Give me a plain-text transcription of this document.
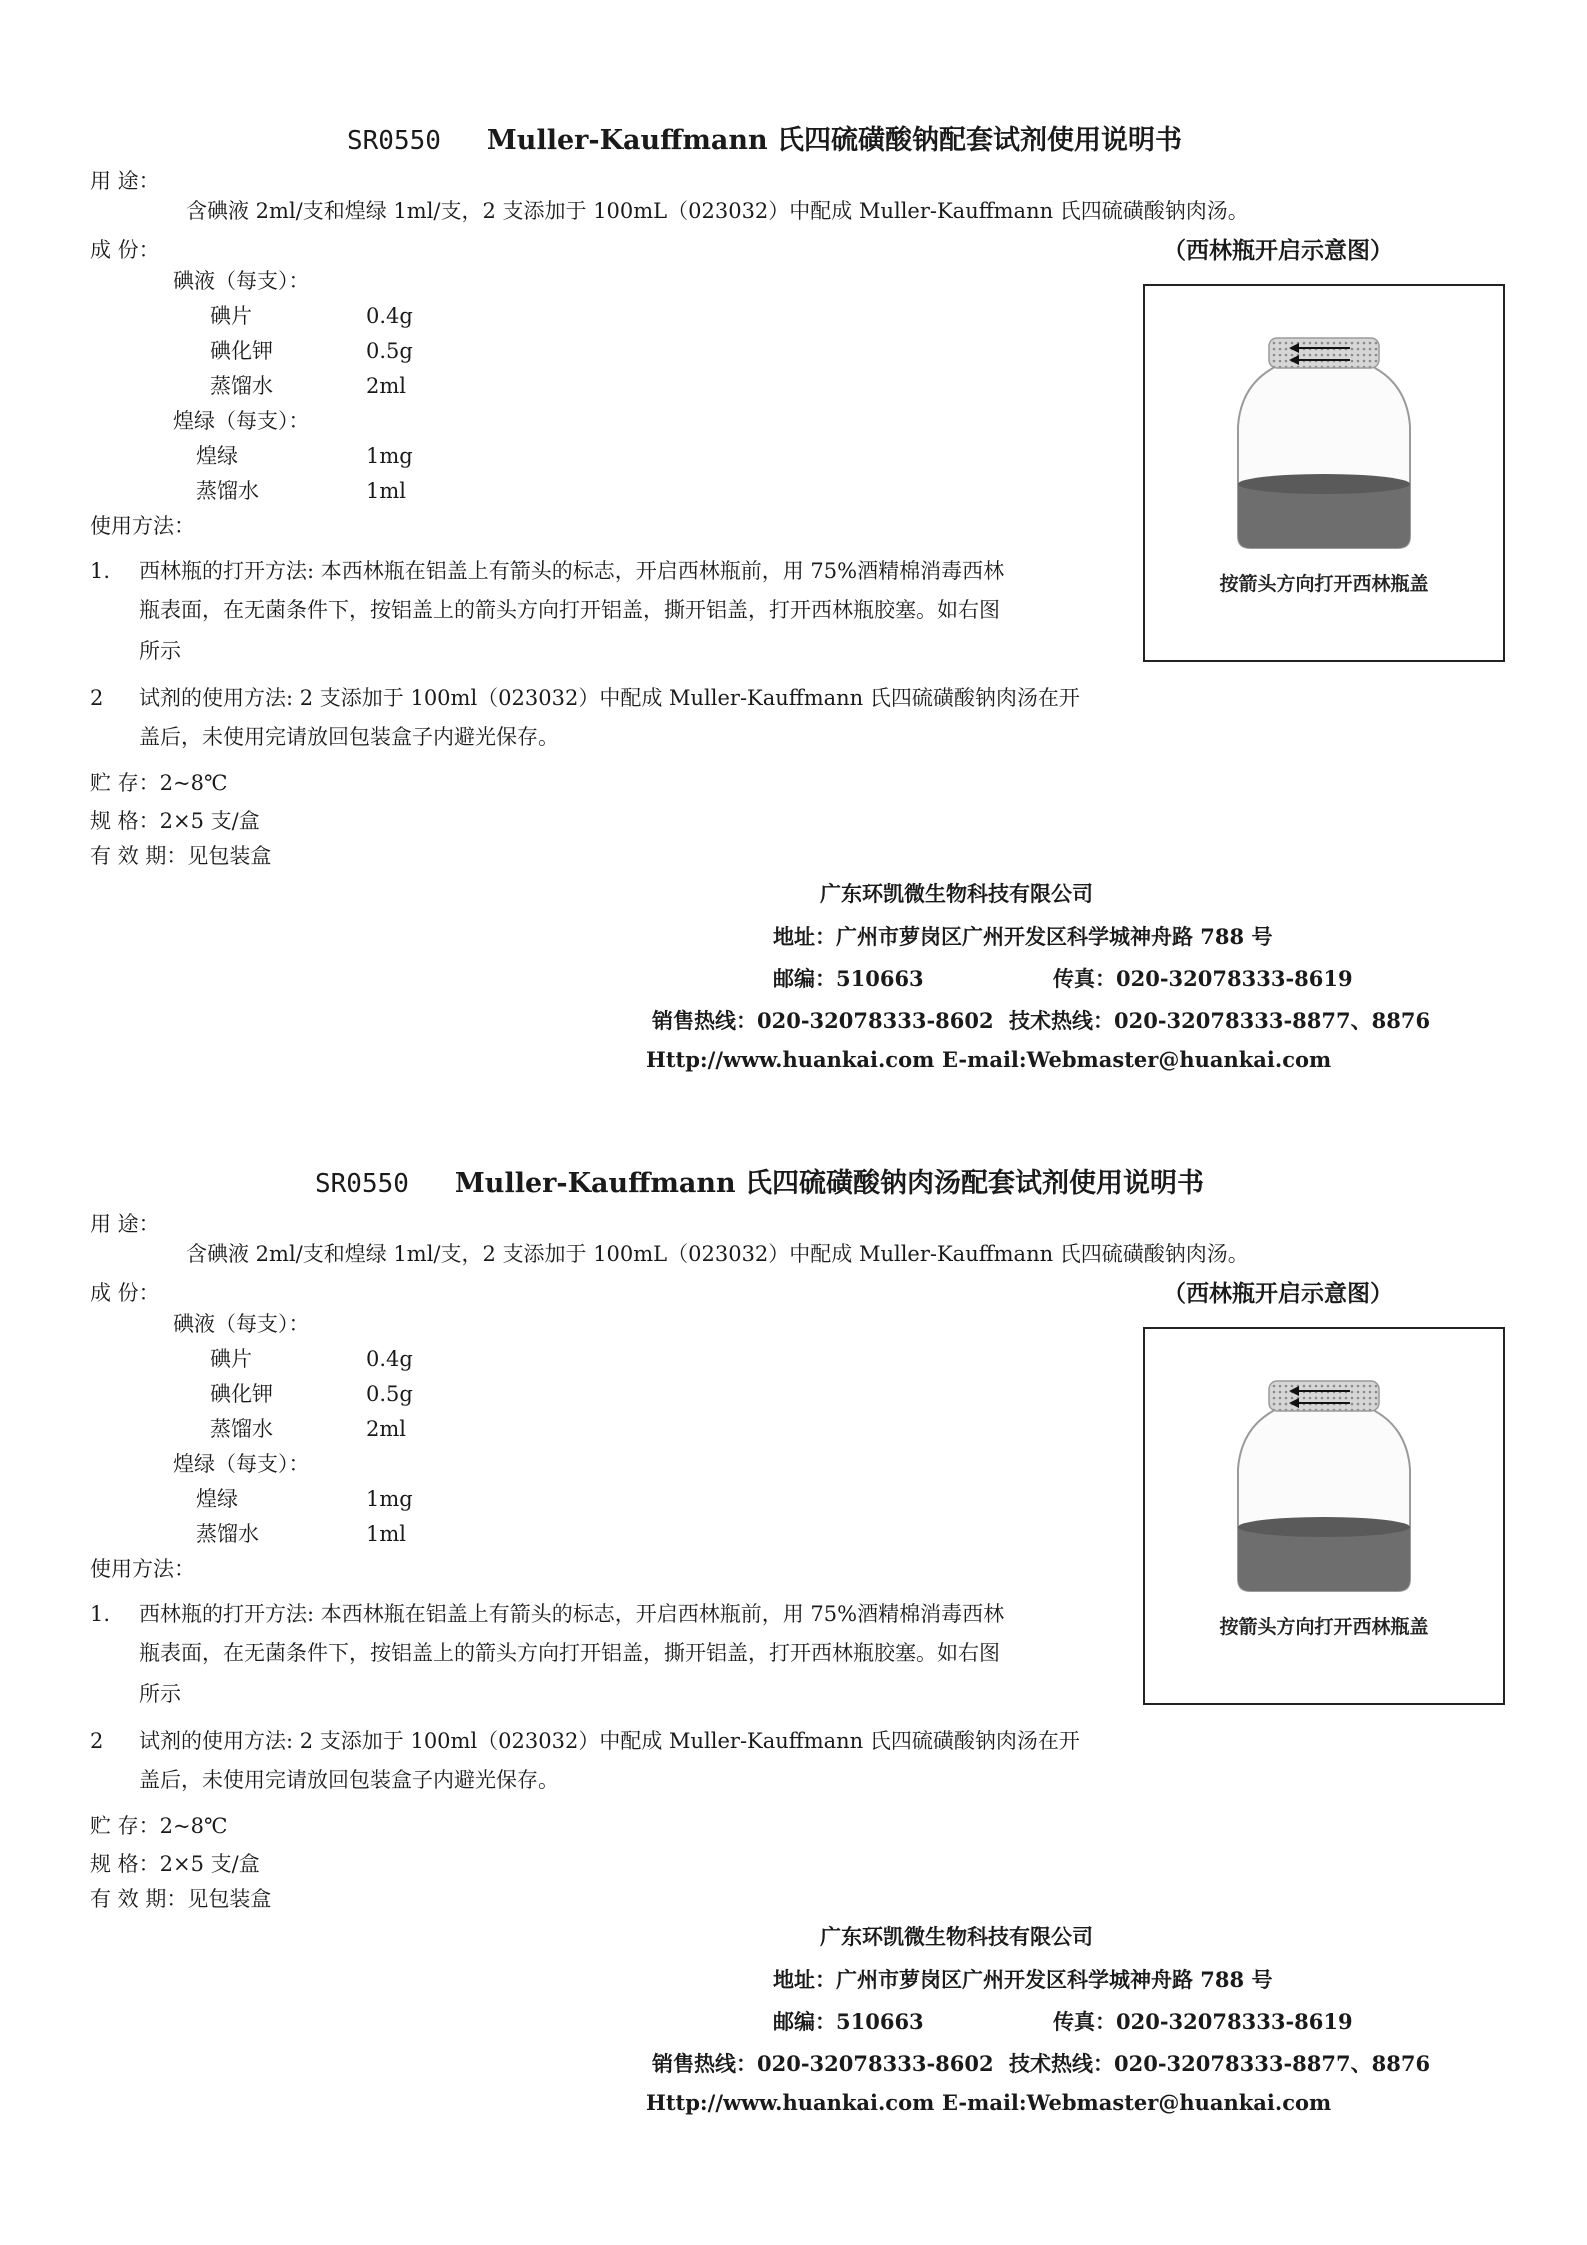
SR0550 Muller-Kauffmann 氏四硫磺酸钠配套试剂使用说明书
用 途：
含碘液 2ml/支和煌绿 1ml/支，2 支添加于 100mL（023032）中配成 Muller-Kauffmann 氏四硫磺酸钠肉汤。
成 份：	（西林瓶开启示意图）
碘液（每支）：
碘片	0.4g
碘化钾	0.5g
蒸馏水	2ml
煌绿（每支）：
煌绿	1mg
蒸馏水	1ml
使用方法：
1. 西林瓶的打开方法: 本西林瓶在铝盖上有箭头的标志，开启西林瓶前，用 75%酒精棉消毒西林
瓶表面，在无菌条件下，按铝盖上的箭头方向打开铝盖，撕开铝盖，打开西林瓶胶塞。如右图
所示
2 试剂的使用方法: 2 支添加于 100ml（023032）中配成 Muller-Kauffmann 氏四硫磺酸钠肉汤在开
盖后，未使用完请放回包装盒子内避光保存。
贮 存：2~8℃
规 格：2×5 支/盒
有 效 期：见包装盒
按箭头方向打开西林瓶盖
广东环凯微生物科技有限公司
地址：广州市萝岗区广州开发区科学城神舟路 788 号
邮编：510663	传真：020-32078333-8619
销售热线：020-32078333-8602 技术热线：020-32078333-8877、8876
Http://www.huankai.com E-mail:Webmaster@huankai.com
SR0550 Muller-Kauffmann 氏四硫磺酸钠肉汤配套试剂使用说明书
用 途：
含碘液 2ml/支和煌绿 1ml/支，2 支添加于 100mL（023032）中配成 Muller-Kauffmann 氏四硫磺酸钠肉汤。
成 份：	（西林瓶开启示意图）
碘液（每支）：
碘片	0.4g
碘化钾	0.5g
蒸馏水	2ml
煌绿（每支）：
煌绿	1mg
蒸馏水	1ml
使用方法：
1. 西林瓶的打开方法: 本西林瓶在铝盖上有箭头的标志，开启西林瓶前，用 75%酒精棉消毒西林
瓶表面，在无菌条件下，按铝盖上的箭头方向打开铝盖，撕开铝盖，打开西林瓶胶塞。如右图
所示
2 试剂的使用方法: 2 支添加于 100ml（023032）中配成 Muller-Kauffmann 氏四硫磺酸钠肉汤在开
盖后，未使用完请放回包装盒子内避光保存。
贮 存：2~8℃
规 格：2×5 支/盒
有 效 期：见包装盒
按箭头方向打开西林瓶盖
广东环凯微生物科技有限公司
地址：广州市萝岗区广州开发区科学城神舟路 788 号
邮编：510663	传真：020-32078333-8619
销售热线：020-32078333-8602 技术热线：020-32078333-8877、8876
Http://www.huankai.com E-mail:Webmaster@huankai.com
